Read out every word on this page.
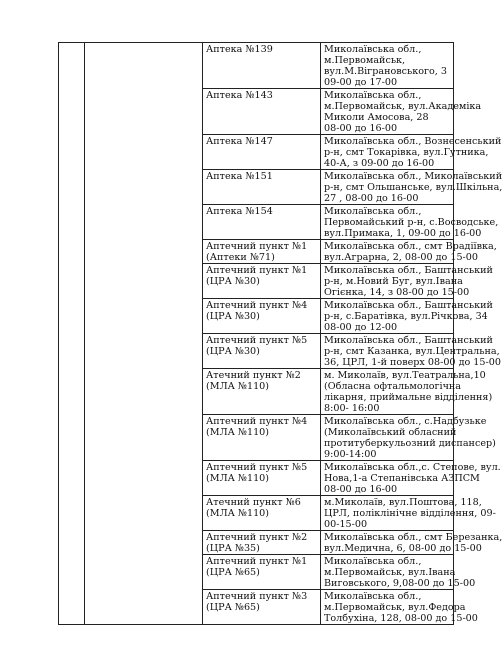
		Аптека №139	Миколаївська обл.,
м.Первомайськ,
вул.М.Віграновського, 3
09-00 до 17-00

		Аптека №143	Миколаївська обл.,
м.Первомайськ, вул.Академіка
Миколи Амосова, 28
08-00 до 16-00

		Аптека №147	Миколаївська обл., Вознесенський
р-н, смт Токарівка, вул.Гутника,
40-А, з 09-00 до 16-00

		Аптека №151	Миколаївська обл., Миколаївський
р-н, смт Ольшанське, вул.Шкільна,
27 , 08-00 до 16-00

		Аптека №154	Миколаївська обл.,
Первомайський р-н, с.Восводське,
вул.Примака, 1, 09-00 до 16-00

		Аптечний пункт №1
(Аптеки №71)	Миколаївська обл., смт Врадіївка,
вул.Аграрна, 2, 08-00 до 15-00

		Аптечний пункт №1
(ЦРА №30)	Миколаївська обл., Баштанський
р-н, м.Новий Буг, вул.Івана
Огієнка, 14, з 08-00 до 15-00

		Аптечний пункт №4
(ЦРА №30)	Миколаївська обл., Баштанський
р-н, с.Баратівка, вул.Річкова, 34
08-00 до 12-00

		Аптечний пункт №5
(ЦРА №30)	Миколаївська обл., Баштанський
р-н, смт Казанка, вул.Центральна,
36, ЦРЛ, 1-й поверх 08-00 до 15-00

		Атечний пункт №2
(МЛА №110)	м. Миколаїв, вул.Театральна,10
(Обласна офтальмологічна
лікарня, приймальне відділення)
8:00- 16:00

		Аптечний пункт №4
(МЛА №110)	Миколаївська обл., с.Надбузьке
(Миколаївський обласний
протитуберкульозний диспансер)
9:00-14:00

		Аптечний пункт №5
(МЛА №110)	Миколаївська обл.,с. Степове, вул.
Нова,1-а Степанівська АЗПСМ
08-00 до 16-00

		Атечний пункт №6
(МЛА №110)	м.Миколаїв, вул.Поштова, 118,
ЦРЛ, поліклінічне відділення, 09-
00-15-00

		Аптечний пункт №2
(ЦРА №35)	Миколаївська обл., смт Березанка,
вул.Медична, 6, 08-00 до 15-00

		Аптечний пункт №1
(ЦРА №65)	Миколаївська обл.,
м.Первомайськ, вул.Івана
Виговського, 9,08-00 до 15-00

		Аптечний пункт №3
(ЦРА №65)	Миколаївська обл.,
м.Первомайськ, вул.Федора
Толбухіна, 128, 08-00 до 15-00
